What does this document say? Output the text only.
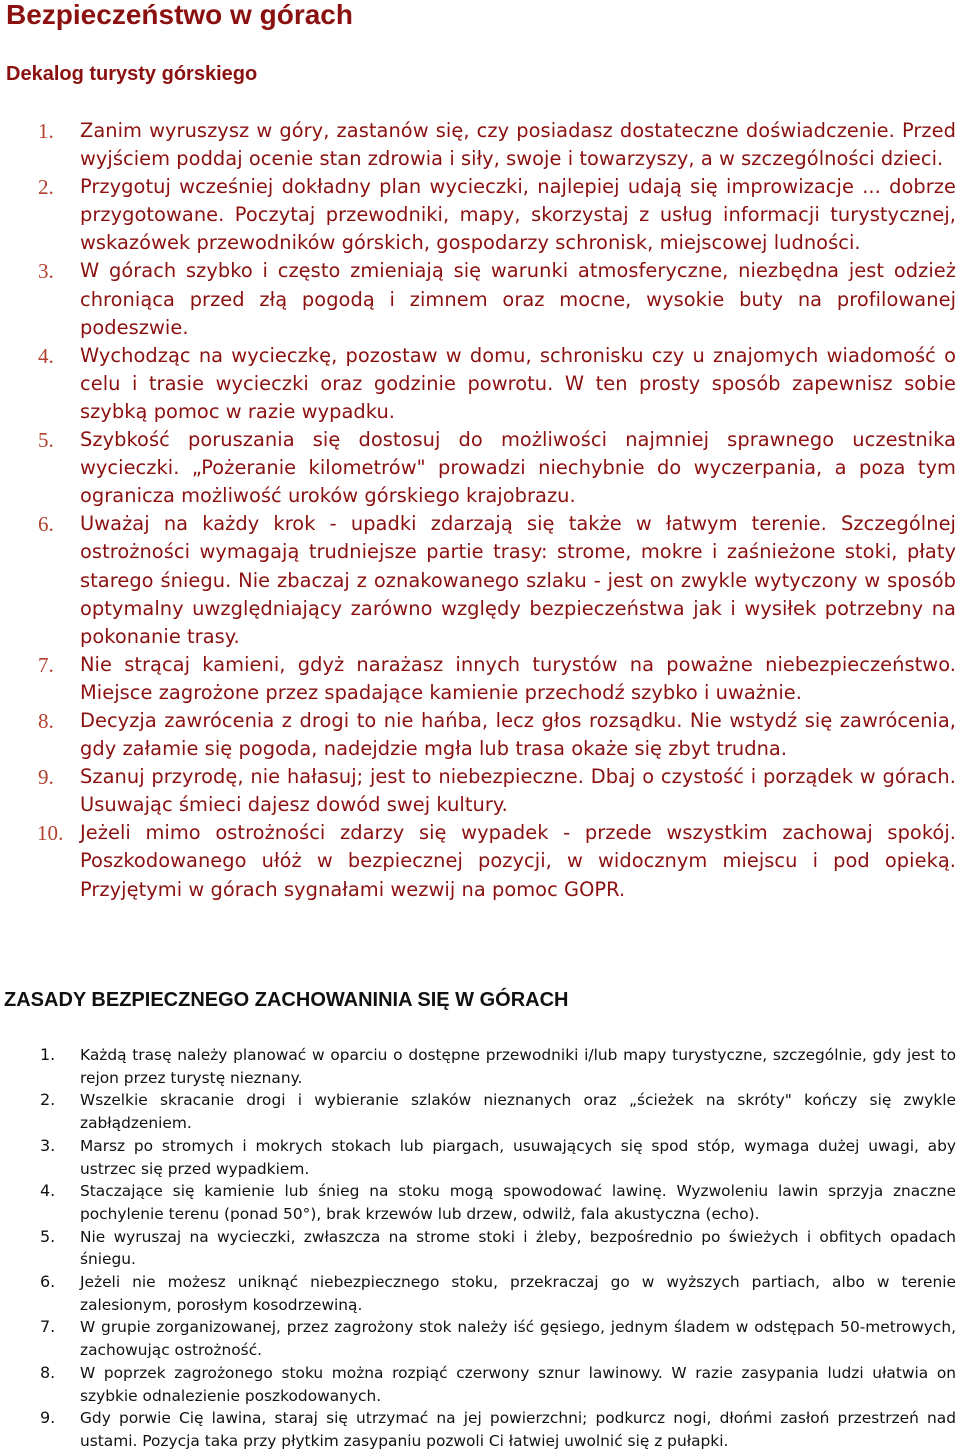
Bezpieczeństwo w górach
Dekalog turysty górskiego
1. Zanim wyruszysz w góry, zastanów się, czy posiadasz dostateczne doświadczenie. Przed wyjściem poddaj ocenie stan zdrowia i siły, swoje i towarzyszy, a w szczególności dzieci.
2. Przygotuj wcześniej dokładny plan wycieczki, najlepiej udają się improwizacje ... dobrze przygotowane. Poczytaj przewodniki, mapy, skorzystaj z usług informacji turystycznej, wskazówek przewodników górskich, gospodarzy schronisk, miejscowej ludności.
3. W górach szybko i często zmieniają się warunki atmosferyczne, niezbędna jest odzież chroniąca przed złą pogodą i zimnem oraz mocne, wysokie buty na profilowanej podeszwie.
4. Wychodząc na wycieczkę, pozostaw w domu, schronisku czy u znajomych wiadomość o celu i trasie wycieczki oraz godzinie powrotu. W ten prosty sposób zapewnisz sobie szybką pomoc w razie wypadku.
5. Szybkość poruszania się dostosuj do możliwości najmniej sprawnego uczestnika wycieczki. „Pożeranie kilometrów" prowadzi niechybnie do wyczerpania, a poza tym ogranicza możliwość uroków górskiego krajobrazu.
6. Uważaj na każdy krok - upadki zdarzają się także w łatwym terenie. Szczególnej ostrożności wymagają trudniejsze partie trasy: strome, mokre i zaśnieżone stoki, płaty starego śniegu. Nie zbaczaj z oznakowanego szlaku - jest on zwykle wytyczony w sposób optymalny uwzględniający zarówno względy bezpieczeństwa jak i wysiłek potrzebny na pokonanie trasy.
7. Nie strącaj kamieni, gdyż narażasz innych turystów na poważne niebezpieczeństwo. Miejsce zagrożone przez spadające kamienie przechodź szybko i uważnie.
8. Decyzja zawrócenia z drogi to nie hańba, lecz głos rozsądku. Nie wstydź się zawrócenia, gdy załamie się pogoda, nadejdzie mgła lub trasa okaże się zbyt trudna.
9. Szanuj przyrodę, nie hałasuj; jest to niebezpieczne. Dbaj o czystość i porządek w górach. Usuwając śmieci dajesz dowód swej kultury.
10. Jeżeli mimo ostrożności zdarzy się wypadek - przede wszystkim zachowaj spokój. Poszkodowanego ułóż w bezpiecznej pozycji, w widocznym miejscu i pod opieką. Przyjętymi w górach sygnałami wezwij na pomoc GOPR.
ZASADY BEZPIECZNEGO ZACHOWANINIA SIĘ W GÓRACH
1. Każdą trasę należy planować w oparciu o dostępne przewodniki i/lub mapy turystyczne, szczególnie, gdy jest to rejon przez turystę nieznany.
2. Wszelkie skracanie drogi i wybieranie szlaków nieznanych oraz „ścieżek na skróty" kończy się zwykle zabłądzeniem.
3. Marsz po stromych i mokrych stokach lub piargach, usuwających się spod stóp, wymaga dużej uwagi, aby ustrzec się przed wypadkiem.
4. Staczające się kamienie lub śnieg na stoku mogą spowodować lawinę. Wyzwoleniu lawin sprzyja znaczne pochylenie terenu (ponad 50°), brak krzewów lub drzew, odwilż, fala akustyczna (echo).
5. Nie wyruszaj na wycieczki, zwłaszcza na strome stoki i żleby, bezpośrednio po świeżych i obfitych opadach śniegu.
6. Jeżeli nie możesz uniknąć niebezpiecznego stoku, przekraczaj go w wyższych partiach, albo w terenie zalesionym, porosłym kosodrzewiną.
7. W grupie zorganizowanej, przez zagrożony stok należy iść gęsiego, jednym śladem w odstępach 50-metrowych, zachowując ostrożność.
8. W poprzek zagrożonego stoku można rozpiąć czerwony sznur lawinowy. W razie zasypania ludzi ułatwia on szybkie odnalezienie poszkodowanych.
9. Gdy porwie Cię lawina, staraj się utrzymać na jej powierzchni; podkurcz nogi, dłońmi zasłoń przestrzeń nad ustami. Pozycja taka przy płytkim zasypaniu pozwoli Ci łatwiej uwolnić się z pułapki.
